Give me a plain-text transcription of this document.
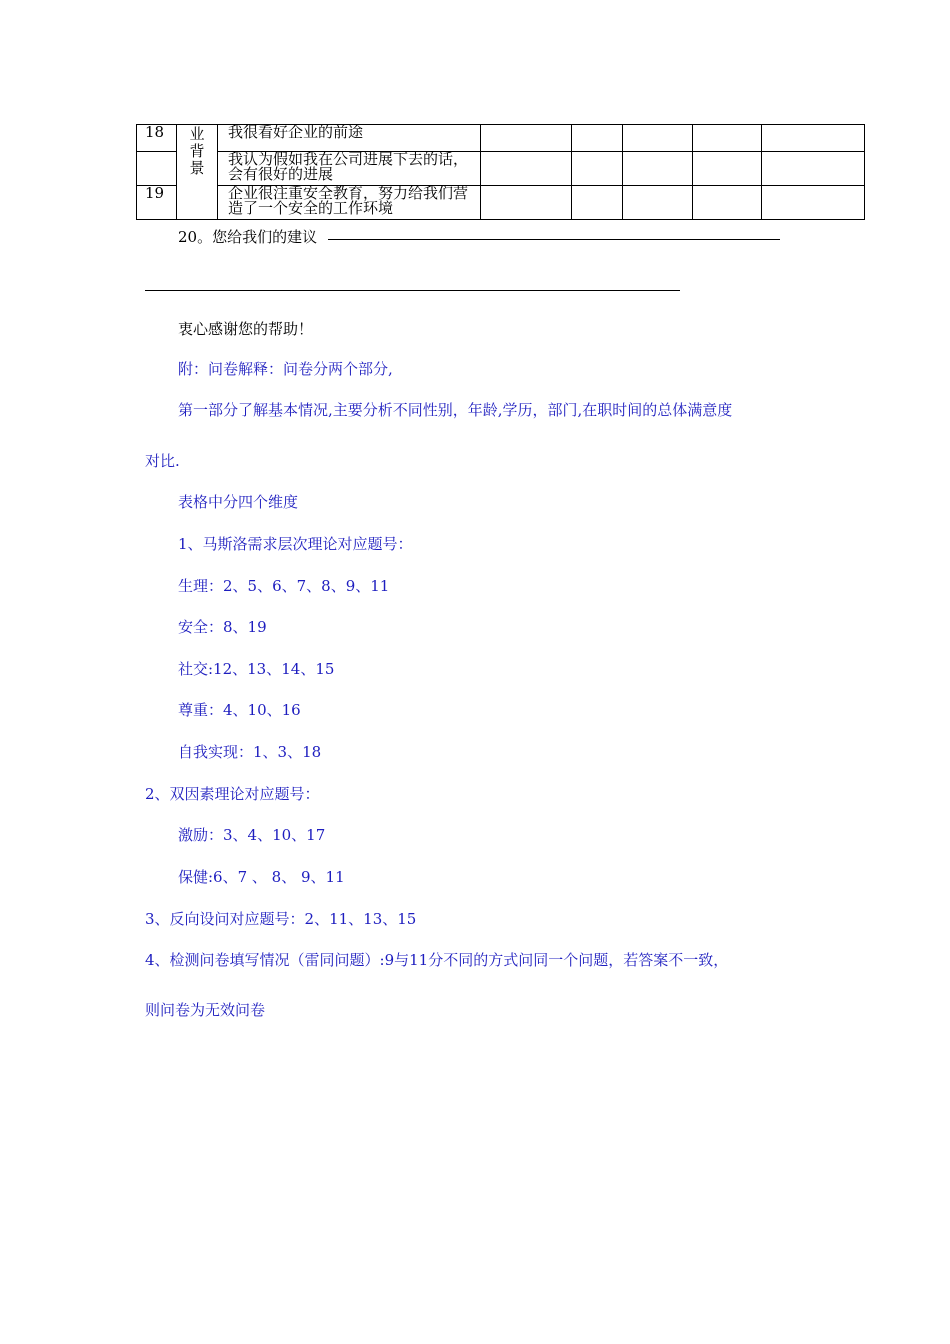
18	业背景	我很看好企业的前途					
		我认为假如我在公司进展下去的话，会有很好的进展					
19		企业很注重安全教育，努力给我们营造了一个安全的工作环境					
20。您给我们的建议
衷心感谢您的帮助！
附：问卷解释：问卷分两个部分,
第一部分了解基本情况,主要分析不同性别，年龄,学历，部门,在职时间的总体满意度
对比.
表格中分四个维度
1、马斯洛需求层次理论对应题号：
生理：2、5、6、7、8、9、11
安全：8、19
社交:12、13、14、15
尊重：4、10、16
自我实现：1、3、18
2、双因素理论对应题号：
激励：3、4、10、17
保健:6、7 、 8、 9、11
3、反向设问对应题号：2、11、13、15
4、检测问卷填写情况（雷同问题）:9与11分不同的方式问同一个问题，若答案不一致，
则问卷为无效问卷
